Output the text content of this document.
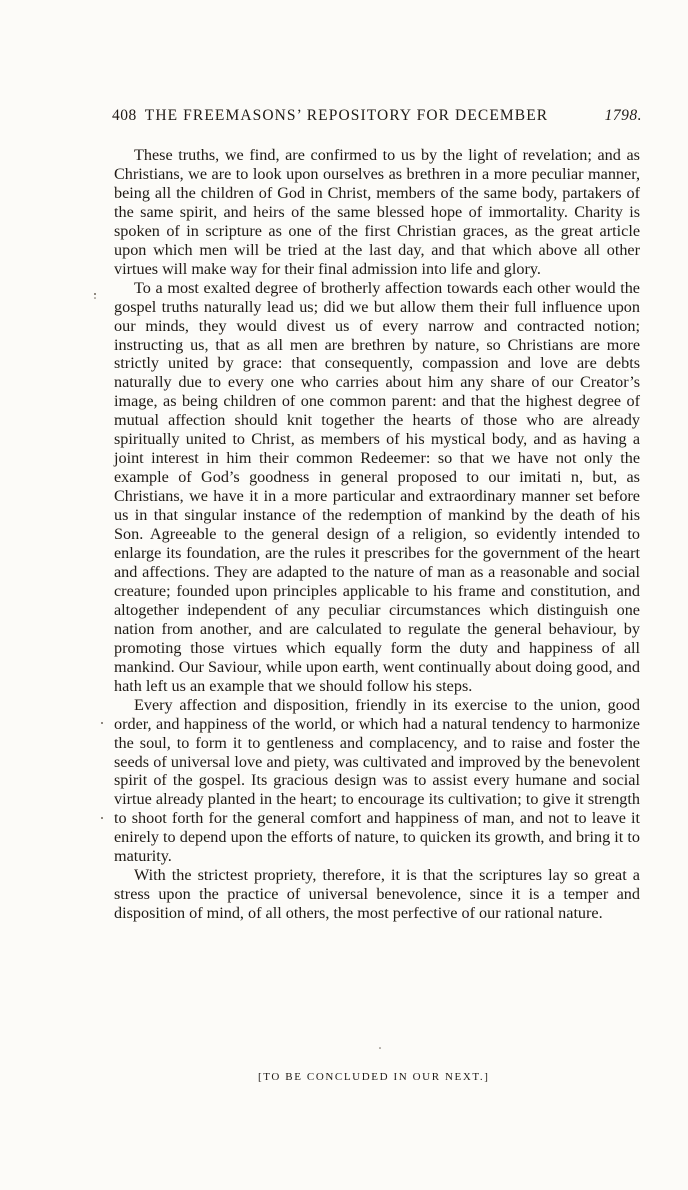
408 THE FREEMASONS’ REPOSITORY FOR DECEMBER	1798.

These truths, we find, are confirmed to us by the light of revelation; and as Christians, we are to look upon ourselves as brethren in a more peculiar manner, being all the children of God in Christ, members of the same body, partakers of the same spirit, and heirs of the same blessed hope of immortality. Charity is spoken of in scripture as one of the first Christian graces, as the great article upon which men will be tried at the last day, and that which above all other virtues will make way for their final admission into life and glory.

To a most exalted degree of brotherly affection towards each other would the gospel truths naturally lead us; did we but allow them their full influence upon our minds, they would divest us of every narrow and contracted notion; instructing us, that as all men are brethren by nature, so Christians are more strictly united by grace: that consequently, compassion and love are debts naturally due to every one who carries about him any share of our Creator’s image, as being children of one common parent: and that the highest degree of mutual affection should knit together the hearts of those who are already spiritually united to Christ, as members of his mystical body, and as having a joint interest in him their common Redeemer: so that we have not only the example of God’s goodness in general proposed to our imitati n, but, as Christians, we have it in a more particular and extraordinary manner set before us in that singular instance of the redemption of mankind by the death of his Son. Agreeable to the general design of a religion, so evidently intended to enlarge its foundation, are the rules it prescribes for the government of the heart and affections. They are adapted to the nature of man as a reasonable and social creature; founded upon principles applicable to his frame and constitution, and altogether independent of any peculiar circumstances which distinguish one nation from another, and are calculated to regulate the general behaviour, by promoting those virtues which equally form the duty and happiness of all mankind. Our Saviour, while upon earth, went continually about doing good, and hath left us an example that we should follow his steps.

Every affection and disposition, friendly in its exercise to the union, good order, and happiness of the world, or which had a natural tendency to harmonize the soul, to form it to gentleness and complacency, and to raise and foster the seeds of universal love and piety, was cultivated and improved by the benevolent spirit of the gospel. Its gracious design was to assist every humane and social virtue already planted in the heart; to encourage its cultivation; to give it strength to shoot forth for the general comfort and happiness of man, and not to leave it enirely to depend upon the efforts of nature, to quicken its growth, and bring it to maturity.

With the strictest propriety, therefore, it is that the scriptures lay so great a stress upon the practice of universal benevolence, since it is a temper and disposition of mind, of all others, the most perfective of our rational nature.

[TO BE CONCLUDED IN OUR NEXT.]
